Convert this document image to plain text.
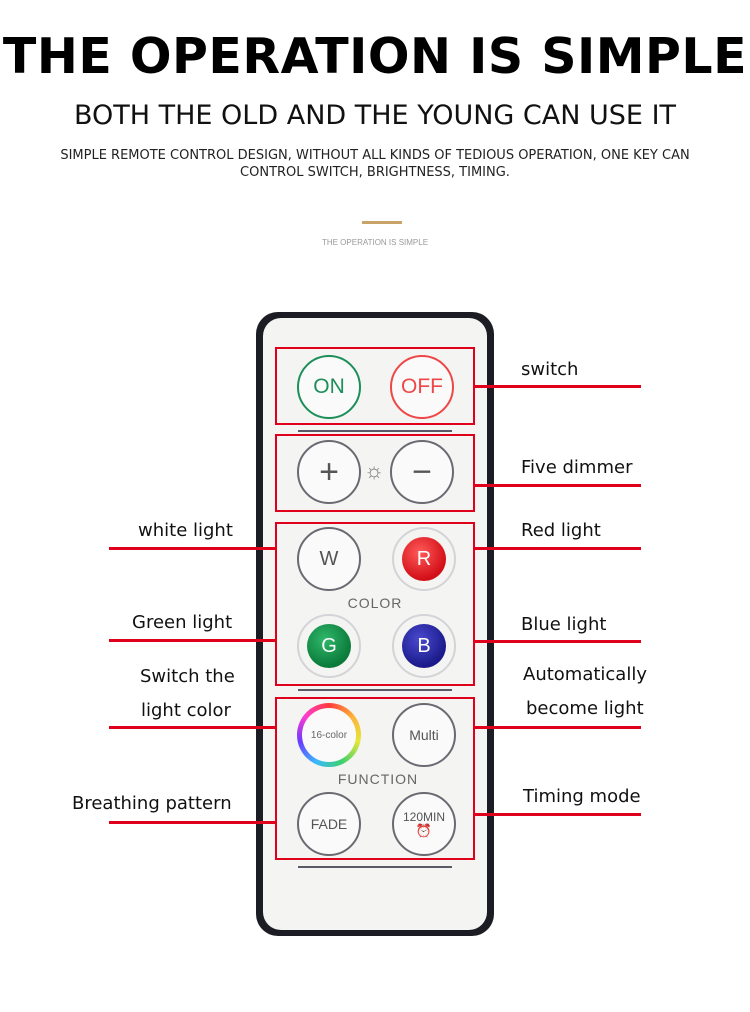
THE OPERATION IS SIMPLE
BOTH THE OLD AND THE YOUNG CAN USE IT
SIMPLE REMOTE CONTROL DESIGN, WITHOUT ALL KINDS OF TEDIOUS OPERATION, ONE KEY CAN CONTROL SWITCH, BRIGHTNESS, TIMING.
THE OPERATION IS SIMPLE
ON	OFF
+	☼ −
W	R
COLOR
G	B
16-color	Multi
FUNCTION
FADE	120MIN
⏰
switch
Five dimmer
Red light
Blue light
Automatically
become light
Timing mode
white light
Green light
Switch the
light color
Breathing pattern
